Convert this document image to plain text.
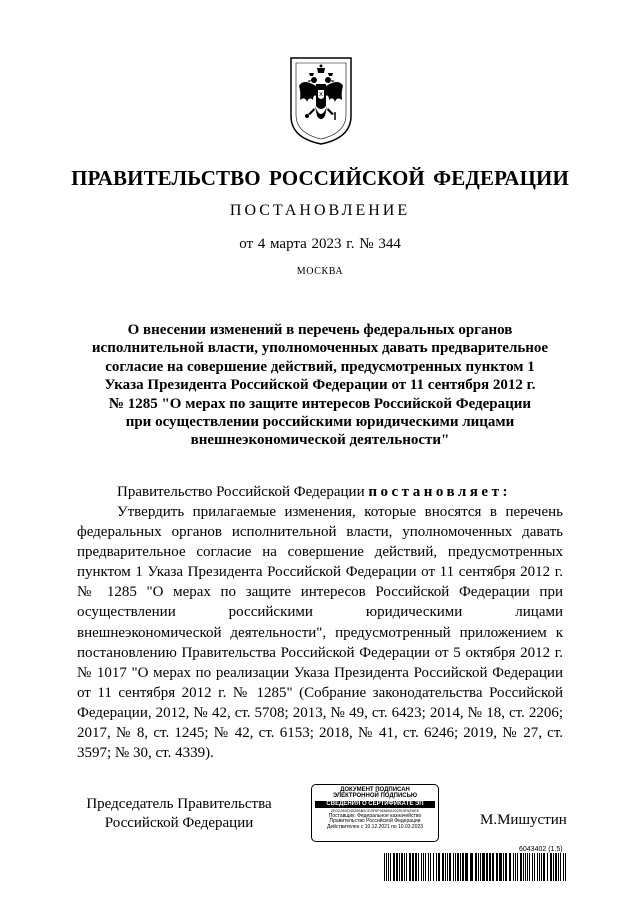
ПРАВИТЕЛЬСТВО РОССИЙСКОЙ ФЕДЕРАЦИИ
ПОСТАНОВЛЕНИЕ
от 4 марта 2023 г. № 344
МОСКВА
О внесении изменений в перечень федеральных органов
исполнительной власти, уполномоченных давать предварительное
согласие на совершение действий, предусмотренных пунктом 1
Указа Президента Российской Федерации от 11 сентября 2012 г.
№ 1285 "О мерах по защите интересов Российской Федерации
при осуществлении российскими юридическими лицами
внешнеэкономической деятельности"
Правительство Российской Федерации постановляет:
Утвердить прилагаемые изменения, которые вносятся в перечень федеральных органов исполнительной власти, уполномоченных давать предварительное согласие на совершение действий, предусмотренных пунктом 1 Указа Президента Российской Федерации от 11 сентября 2012 г. № 1285 "О мерах по защите интересов Российской Федерации при осуществлении российскими юридическими лицами внешнеэкономической деятельности", предусмотренный приложением к постановлению Правительства Российской Федерации от 5 октября 2012 г. № 1017 "О мерах по реализации Указа Президента Российской Федерации от 11 сентября 2012 г. № 1285" (Собрание законодательства Российской Федерации, 2012, № 42, ст. 5708; 2013, № 49, ст. 6423; 2014, № 18, ст. 2206; 2017, № 8, ст. 1245; № 42, ст. 6153; 2018, № 41, ст. 6246; 2019, № 27, ст. 3597; № 30, ст. 4339).
Председатель Правительства
Российской Федерации
ДОКУМЕНТ ПОДПИСАН
ЭЛЕКТРОННОЙ ПОДПИСЬЮ
СВЕДЕНИЯ О СЕРТИФИКАТЕ ЭП
2E0C28DD4520BB0CD3F6F96880A302919F6E6EE
Поставщик: Федеральное казначейство
Правительство Российской Федерации
Действителен с 10.12.2021 по 10.03.2023	М.Мишустин
6043402 (1.5)
